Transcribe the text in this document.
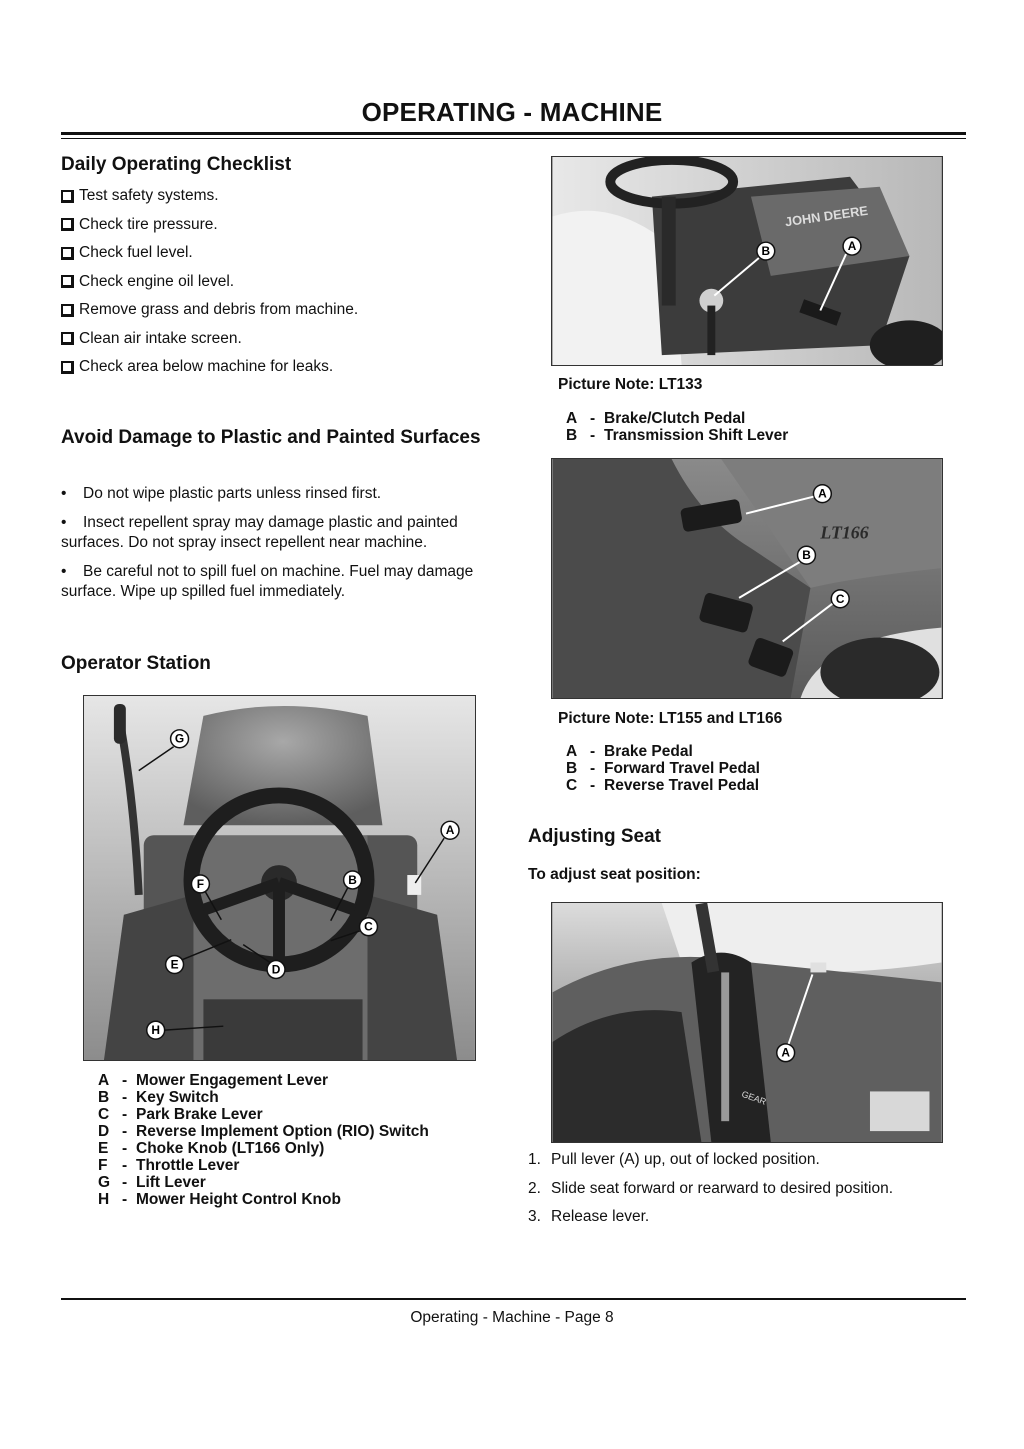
OPERATING - MACHINE
Daily Operating Checklist
Test safety systems.
Check tire pressure.
Check fuel level.
Check engine oil level.
Remove grass and debris from machine.
Clean air intake screen.
Check area below machine for leaks.
Avoid Damage to Plastic and Painted Surfaces
• Do not wipe plastic parts unless rinsed first.
• Insect repellent spray may damage plastic and painted surfaces. Do not spray insect repellent near machine.
• Be careful not to spill fuel on machine. Fuel may damage surface. Wipe up spilled fuel immediately.
Operator Station
G
A
F	B
C
E	D
H
A - Mower Engagement Lever
B - Key Switch
C - Park Brake Lever
D - Reverse Implement Option (RIO) Switch
E - Choke Knob (LT166 Only)
F - Throttle Lever
G - Lift Lever
H - Mower Height Control Knob
JOHN DEERE
B	A

Picture Note: LT133

A - Brake/Clutch Pedal
B - Transmission Shift Lever
LT166
A
B
C

Picture Note: LT155 and LT166

A - Brake Pedal
B - Forward Travel Pedal
C - Reverse Travel Pedal
Adjusting Seat

To adjust seat position:

GEAR
A
1. Pull lever (A) up, out of locked position.
2. Slide seat forward or rearward to desired position.
3. Release lever.
Operating - Machine - Page 8
